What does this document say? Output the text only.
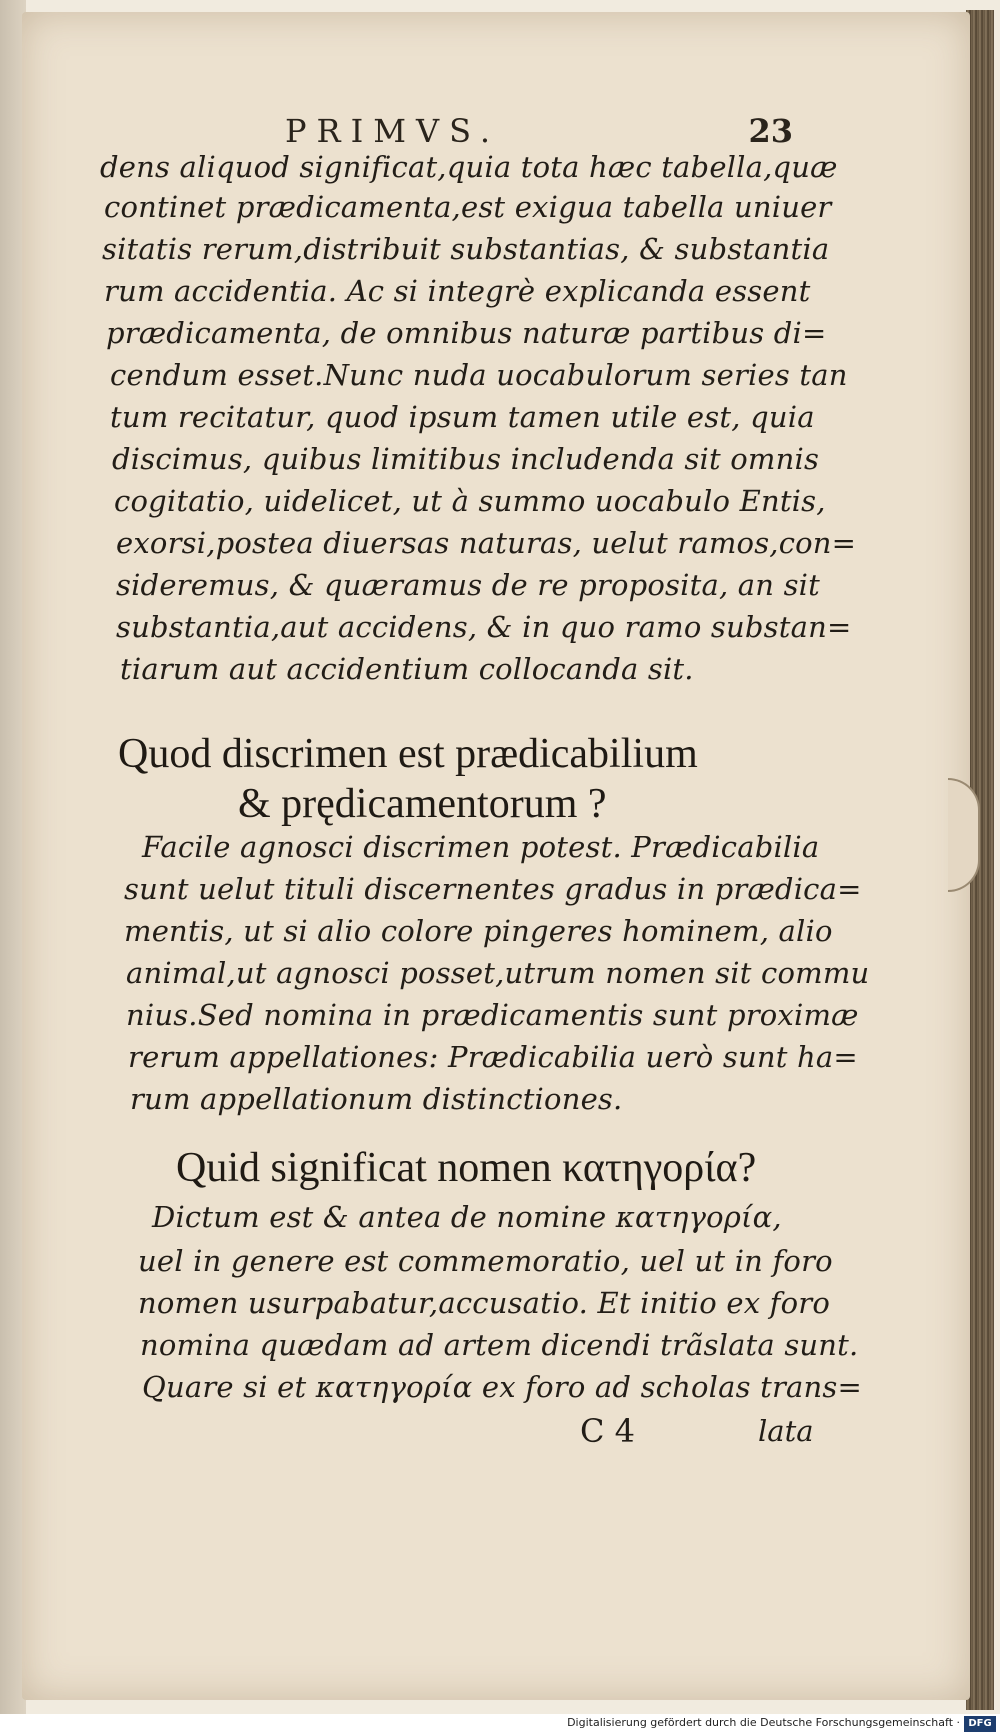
PRIMVS.	23
dens aliquod significat,quia tota hæc tabella,quæ
continet prædicamenta,est exigua tabella uniuer
sitatis rerum,distribuit substantias, & substantia
rum accidentia. Ac si integrè explicanda essent
prædicamenta, de omnibus naturæ partibus di=
cendum esset.Nunc nuda uocabulorum series tan
tum recitatur, quod ipsum tamen utile est, quia
discimus, quibus limitibus includenda sit omnis
cogitatio, uidelicet, ut à summo uocabulo Entis,
exorsi,postea diuersas naturas, uelut ramos,con=
sideremus, & quæramus de re proposita, an sit
substantia,aut accidens, & in quo ramo substan=
tiarum aut accidentium collocanda sit.
Quod discrimen est prædicabilium
& prędicamentorum ?
Facile agnosci discrimen potest. Prædicabilia
sunt uelut tituli discernentes gradus in prædica=
mentis, ut si alio colore pingeres hominem, alio
animal,ut agnosci posset,utrum nomen sit commu
nius.Sed nomina in prædicamentis sunt proximæ
rerum appellationes: Prædicabilia uerò sunt ha=
rum appellationum distinctiones.
Quid significat nomen κατηγορία?
Dictum est & antea de nomine κατηγορία,
uel in genere est commemoratio, uel ut in foro
nomen usurpabatur,accusatio. Et initio ex foro
nomina quædam ad artem dicendi trãslata sunt.
Quare si et κατηγορία ex foro ad scholas trans=
C 4	lata
Digitalisierung gefördert durch die Deutsche Forschungsgemeinschaft · DFG
